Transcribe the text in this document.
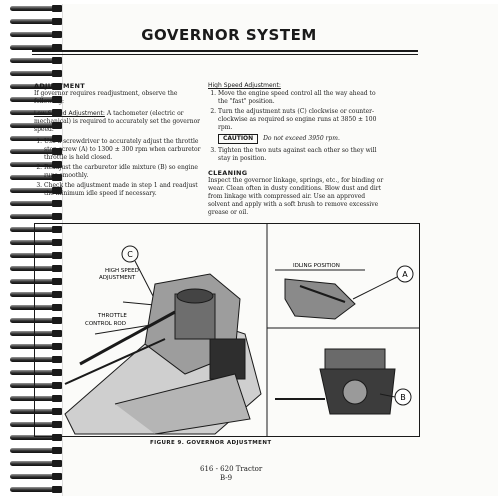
GOVERNOR SYSTEM
ADJUSTMENT

If governor requires readjustment, observe the following:

Low Speed Adjustment: A tachometer (electric or mechanical) is required to accurately set the governor speed.

1. Use a screwdriver to accurately adjust the throttle stop screw (A) to 1300 ± 300 rpm when carburetor throttle is held closed.
2. Readjust the carburetor idle mixture (B) so engine runs smoothly.
3. Check the adjustment made in step 1 and readjust the minimum idle speed if necessary.
High Speed Adjustment:
1. Move the engine speed control all the way ahead to the "fast" position.
2. Turn the adjustment nuts (C) clockwise or counter-clockwise as required so engine runs at 3850 ± 100 rpm.

CAUTION Do not exceed 3950 rpm.

3. Tighten the two nuts against each other so they will stay in position.
CLEANING

Inspect the governor linkage, springs, etc., for binding or wear. Clean often in dusty conditions. Blow dust and dirt from linkage with compressed air. Use an approved solvent and apply with a soft brush to remove excessive grease or oil.

C
HIGH SPEED
ADJUSTMENT
THROTTLE
CONTROL ROD
IDLING POSITION
A
B
FIGURE 9. GOVERNOR ADJUSTMENT
616 - 620 Tractor
B-9
